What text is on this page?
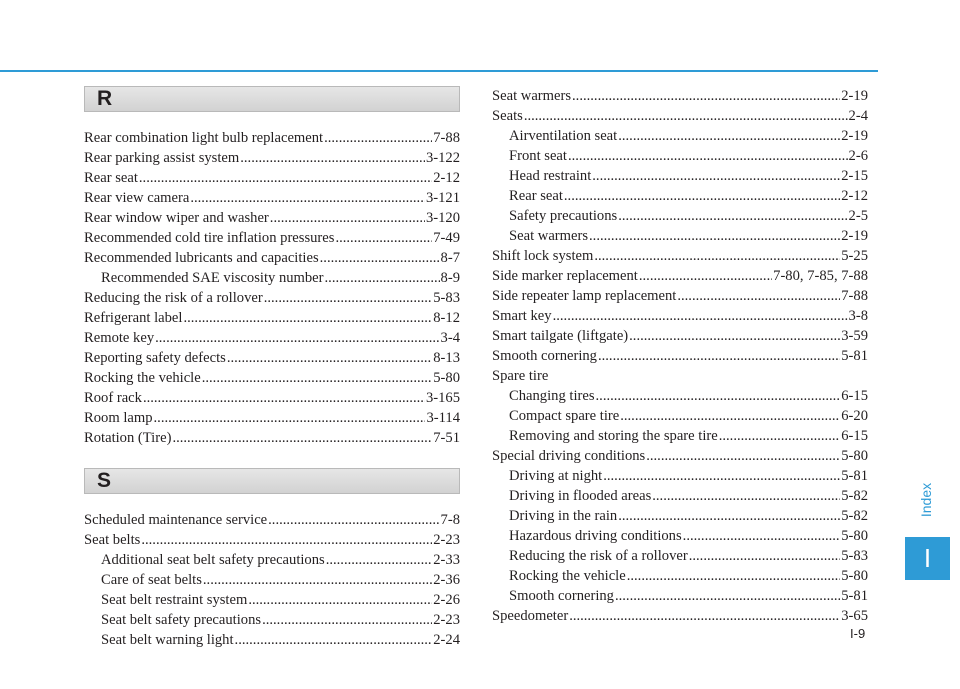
R
Rear combination light bulb replacement .....	7-88
Rear parking assist system .....	3-122
Rear seat .....	2-12
Rear view camera .....	3-121
Rear window wiper and washer .....	3-120
Recommended cold tire inflation pressures .....	7-49
Recommended lubricants and capacities .....	8-7
Recommended SAE viscosity number .....	8-9
Reducing the risk of a rollover .....	5-83
Refrigerant label .....	8-12
Remote key .....	3-4
Reporting safety defects .....	8-13
Rocking the vehicle .....	5-80
Roof rack .....	3-165
Room lamp .....	3-114
Rotation (Tire) .....	7-51
S
Scheduled maintenance service .....	7-8
Seat belts .....	2-23
Additional seat belt safety precautions .....	2-33
Care of seat belts .....	2-36
Seat belt restraint system .....	2-26
Seat belt safety precautions .....	2-23
Seat belt warning light .....	2-24
Seat warmers .....	2-19
Seats .....	2-4
Airventilation seat .....	2-19
Front seat .....	2-6
Head restraint .....	2-15
Rear seat .....	2-12
Safety precautions .....	2-5
Seat warmers .....	2-19
Shift lock system .....	5-25
Side marker replacement .....	7-80, 7-85, 7-88
Side repeater lamp replacement .....	7-88
Smart key .....	3-8
Smart tailgate (liftgate) .....	3-59
Smooth cornering .....	5-81
Spare tire
Changing tires .....	6-15
Compact spare tire .....	6-20
Removing and storing the spare tire .....	6-15
Special driving conditions .....	5-80
Driving at night .....	5-81
Driving in flooded areas .....	5-82
Driving in the rain .....	5-82
Hazardous driving conditions .....	5-80
Reducing the risk of a rollover .....	5-83
Rocking the vehicle .....	5-80
Smooth cornering .....	5-81
Speedometer .....	3-65
Index
I
I-9
